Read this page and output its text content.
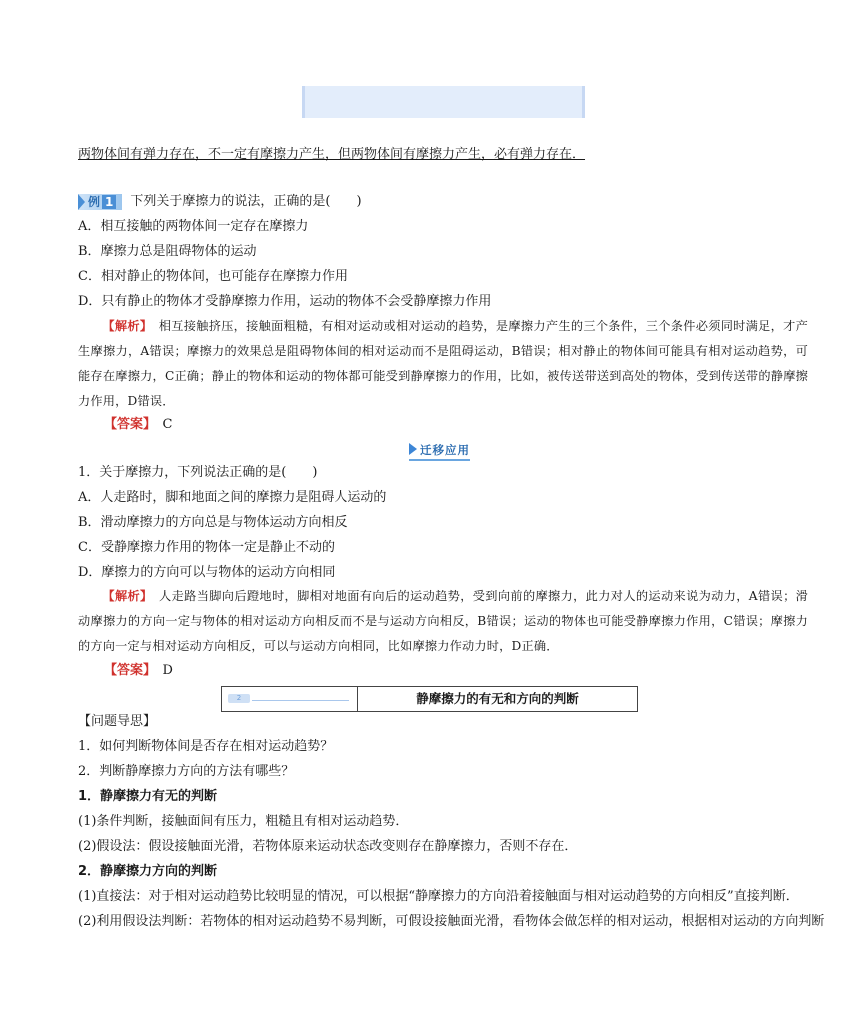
两物体间有弹力存在，不一定有摩擦力产生，但两物体间有摩擦力产生，必有弹力存在．
例 1 下列关于摩擦力的说法，正确的是(　　)
A．相互接触的两物体间一定存在摩擦力
B．摩擦力总是阻碍物体的运动
C．相对静止的物体间，也可能存在摩擦力作用
D．只有静止的物体才受静摩擦力作用，运动的物体不会受静摩擦力作用
【解析】　 相互接触挤压，接触面粗糙，有相对运动或相对运动的趋势，是摩擦力产生的三个条件，三个条件必须同时满足，才产生摩擦力，A错误；摩擦力的效果总是阻碍物体间的相对运动而不是阻碍运动，B错误；相对静止的物体间可能具有相对运动趋势，可能存在摩擦力，C正确；静止的物体和运动的物体都可能受到静摩擦力的作用，比如，被传送带送到高处的物体，受到传送带的静摩擦力作用，D错误．
【答案】　 C
迁移应用
1．关于摩擦力，下列说法正确的是(　　)
A．人走路时，脚和地面之间的摩擦力是阻碍人运动的
B．滑动摩擦力的方向总是与物体运动方向相反
C．受静摩擦力作用的物体一定是静止不动的
D．摩擦力的方向可以与物体的运动方向相同
【解析】　 人走路当脚向后蹬地时，脚相对地面有向后的运动趋势，受到向前的摩擦力，此力对人的运动来说为动力，A错误；滑动摩擦力的方向一定与物体的相对运动方向相反而不是与运动方向相反，B错误；运动的物体也可能受静摩擦力作用，C错误；摩擦力的方向一定与相对运动方向相反，可以与运动方向相同，比如摩擦力作动力时，D正确．
【答案】　 D
2	静摩擦力的有无和方向的判断
【问题导思】
1．如何判断物体间是否存在相对运动趋势？
2．判断静摩擦力方向的方法有哪些？
1．静摩擦力有无的判断
(1)条件判断，接触面间有压力，粗糙且有相对运动趋势．
(2)假设法：假设接触面光滑，若物体原来运动状态改变则存在静摩擦力，否则不存在．
2．静摩擦力方向的判断
(1)直接法：对于相对运动趋势比较明显的情况，可以根据“静摩擦力的方向沿着接触面与相对运动趋势的方向相反”直接判断．
(2)利用假设法判断：若物体的相对运动趋势不易判断，可假设接触面光滑，看物体会做怎样的相对运动，根据相对运动的方向判断
